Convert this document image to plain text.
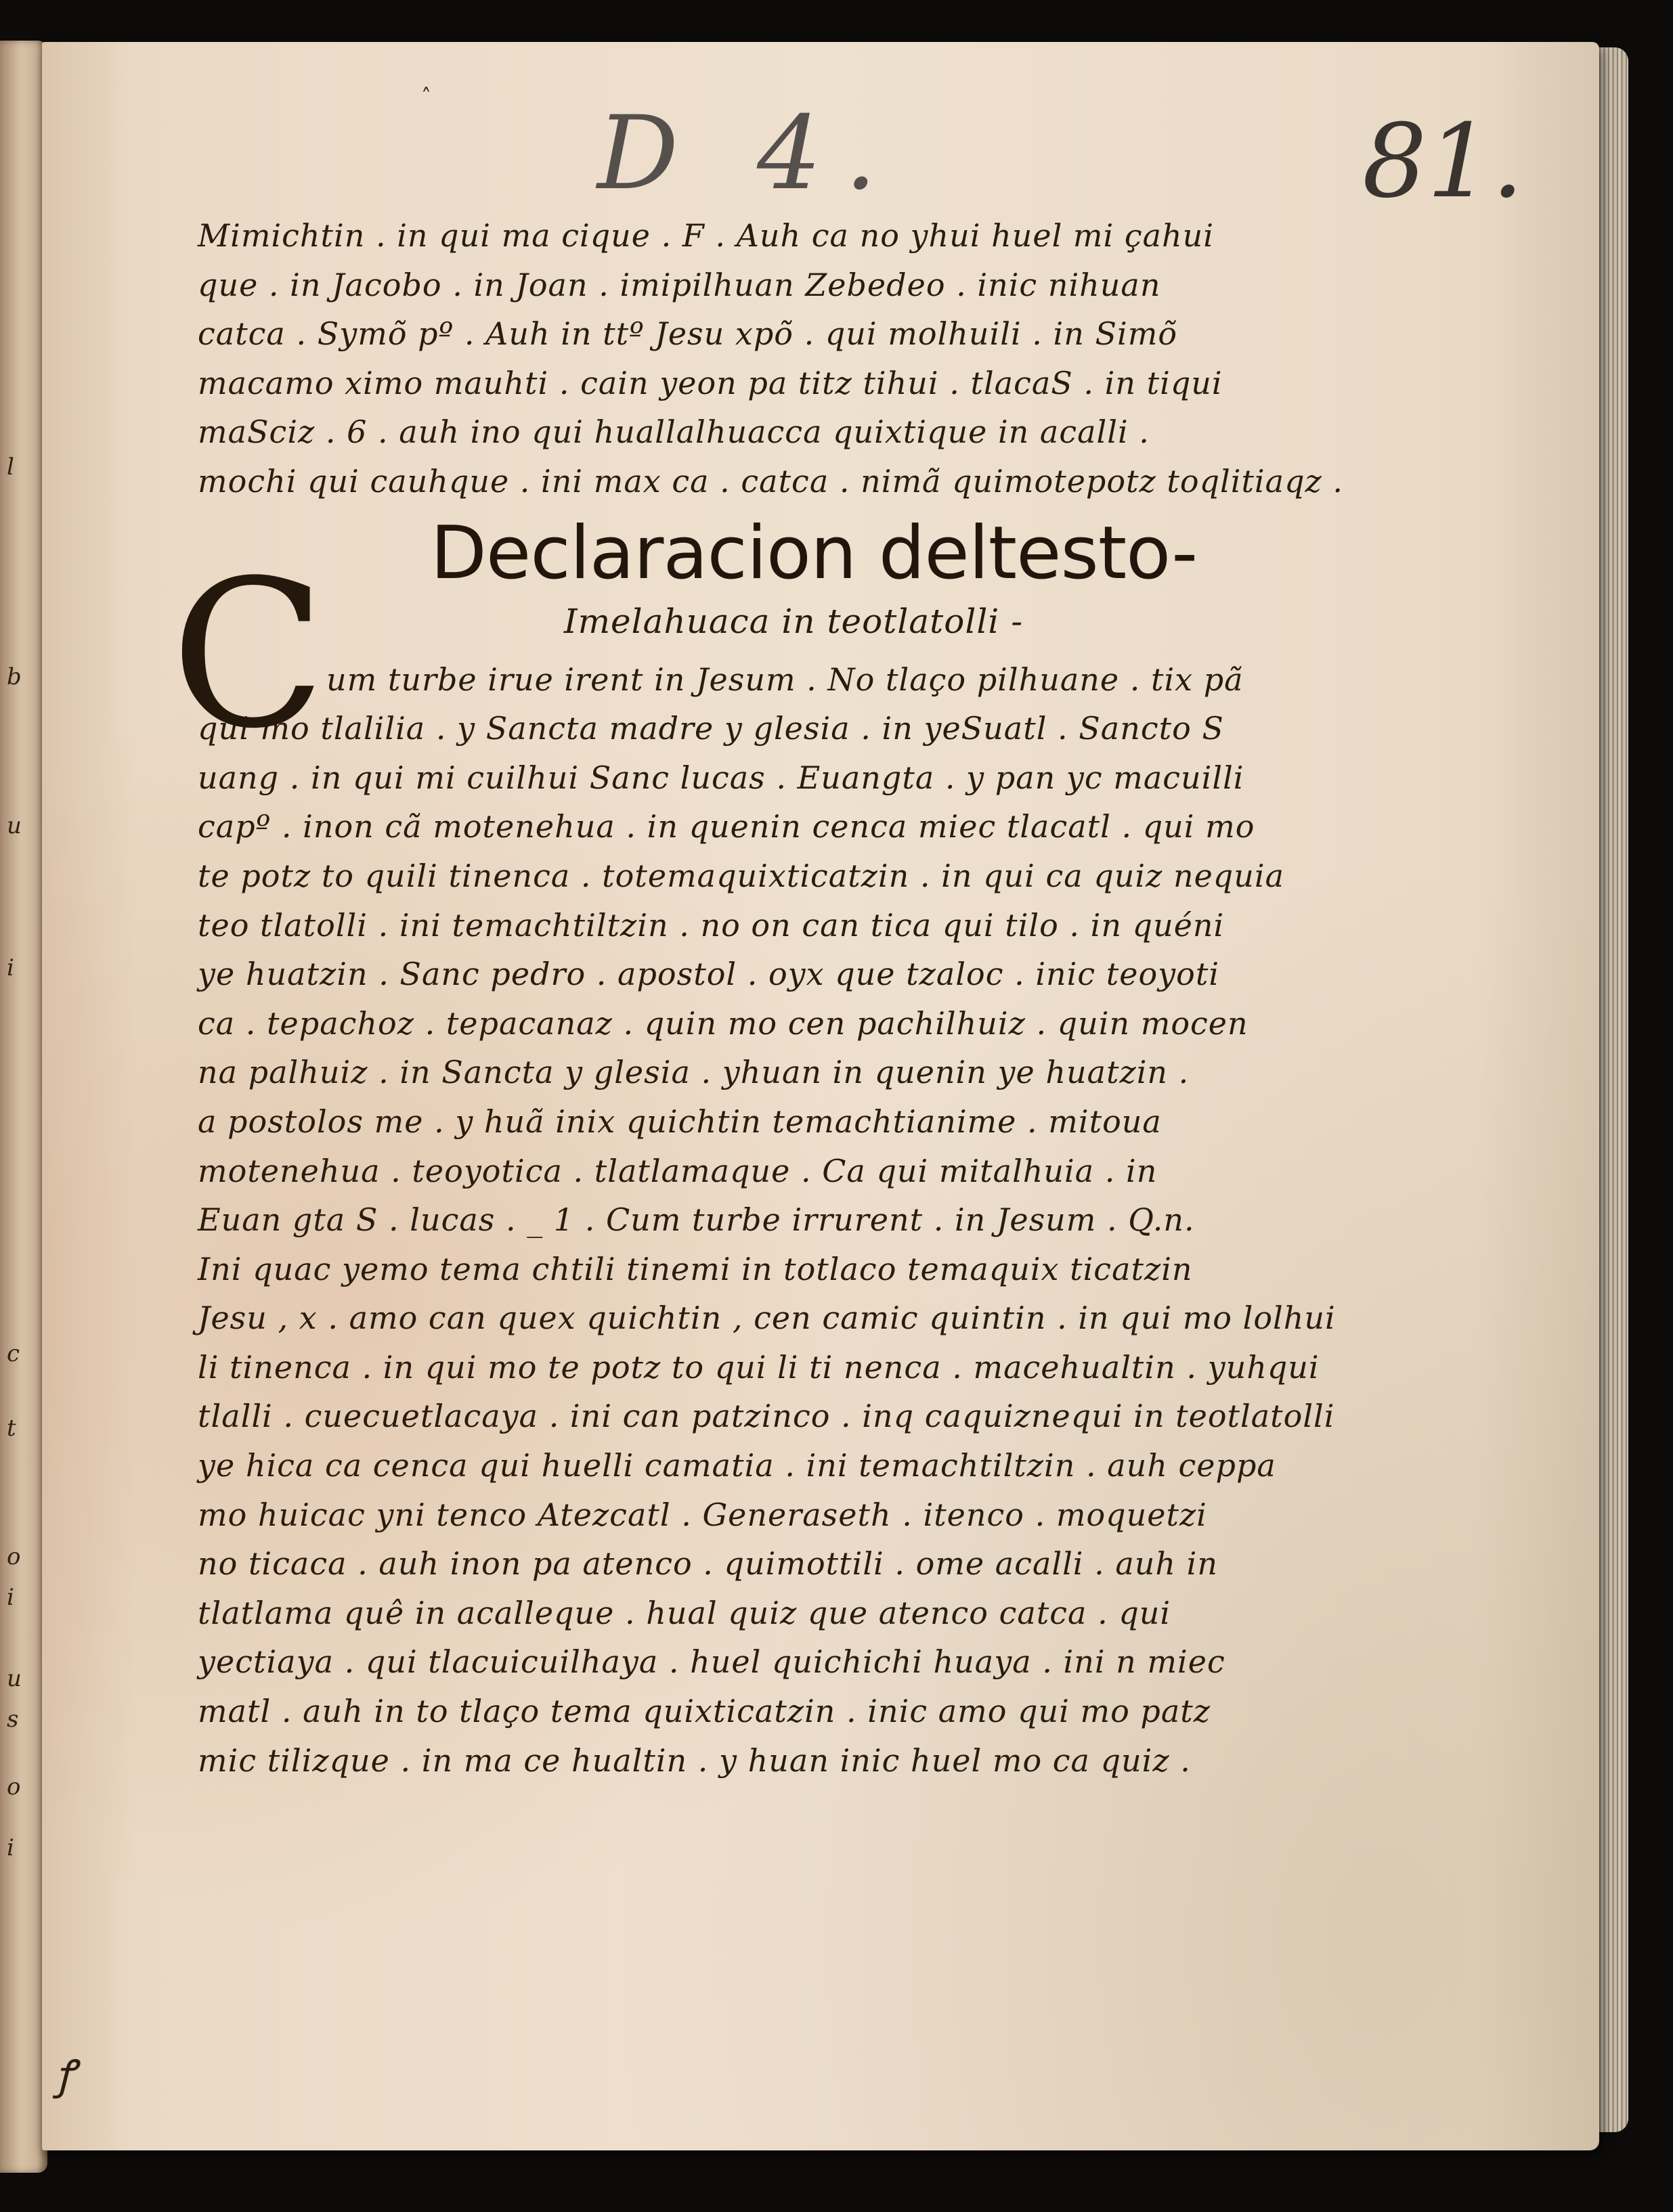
l
b
u
i
c
t
o
i
u
s
o
i
˰
D 4.	81.
Mimichtin . in qui ma cique . F . Auh ca no yhui huel mi çahui
que . in Jacobo . in Joan . imipilhuan Zebedeo . inic nihuan
catca . Symõ pº . Auh in ttº Jesu xpõ . qui molhuili . in Simõ
macamo ximo mauhti . cain yeon pa titz tihui . tlacaS . in tiqui
maSciz . 6 . auh ino qui huallalhuacca quixtique in acalli .
mochi qui cauhque . ini max ca . catca . nimã quimotepotz toqlitiaqz .
Declaracion deltesto-
Imelahuaca in teotlatolli -
C um turbe irue irent in Jesum . No tlaço pilhuane . tix pã
qui mo tlalilia . y Sancta madre y glesia . in yeSuatl . Sancto S
uang . in qui mi cuilhui Sanc lucas . Euangta . y pan yc macuilli
capº . inon cã motenehua . in quenin cenca miec tlacatl . qui mo
te potz to quili tinenca . totemaquixticatzin . in qui ca quiz nequia
teo tlatolli . ini temachtiltzin . no on can tica qui tilo . in quéni
ye huatzin . Sanc pedro . apostol . oyx que tzaloc . inic teoyoti
ca . tepachoz . tepacanaz . quin mo cen pachilhuiz . quin mocen
na palhuiz . in Sancta y glesia . yhuan in quenin ye huatzin .
a postolos me . y huã inix quichtin temachtianime . mitoua
motenehua . teoyotica . tlatlamaque . Ca qui mitalhuia . in
Euan gta S . lucas . _ 1 . Cum turbe irrurent . in Jesum . Q.n.
Ini quac yemo tema chtili tinemi in totlaco temaquix ticatzin
Jesu , x . amo can quex quichtin , cen camic quintin . in qui mo lolhui
li tinenca . in qui mo te potz to qui li ti nenca . macehualtin . yuhqui
tlalli . cuecuetlacaya . ini can patzinco . inq caquiznequi in teotlatolli
ye hica ca cenca qui huelli camatia . ini temachtiltzin . auh ceppa
mo huicac yni tenco Atezcatl . Generaseth . itenco . moquetzi
no ticaca . auh inon pa atenco . quimottili . ome acalli . auh in
tlatlama quê in acalleque . hual quiz que atenco catca . qui
yectiaya . qui tlacuicuilhaya . huel quichichi huaya . ini n miec
matl . auh in to tlaço tema quixticatzin . inic amo qui mo patz
mic tilizque . in ma ce hualtin . y huan inic huel mo ca quiz .
ꝭ
